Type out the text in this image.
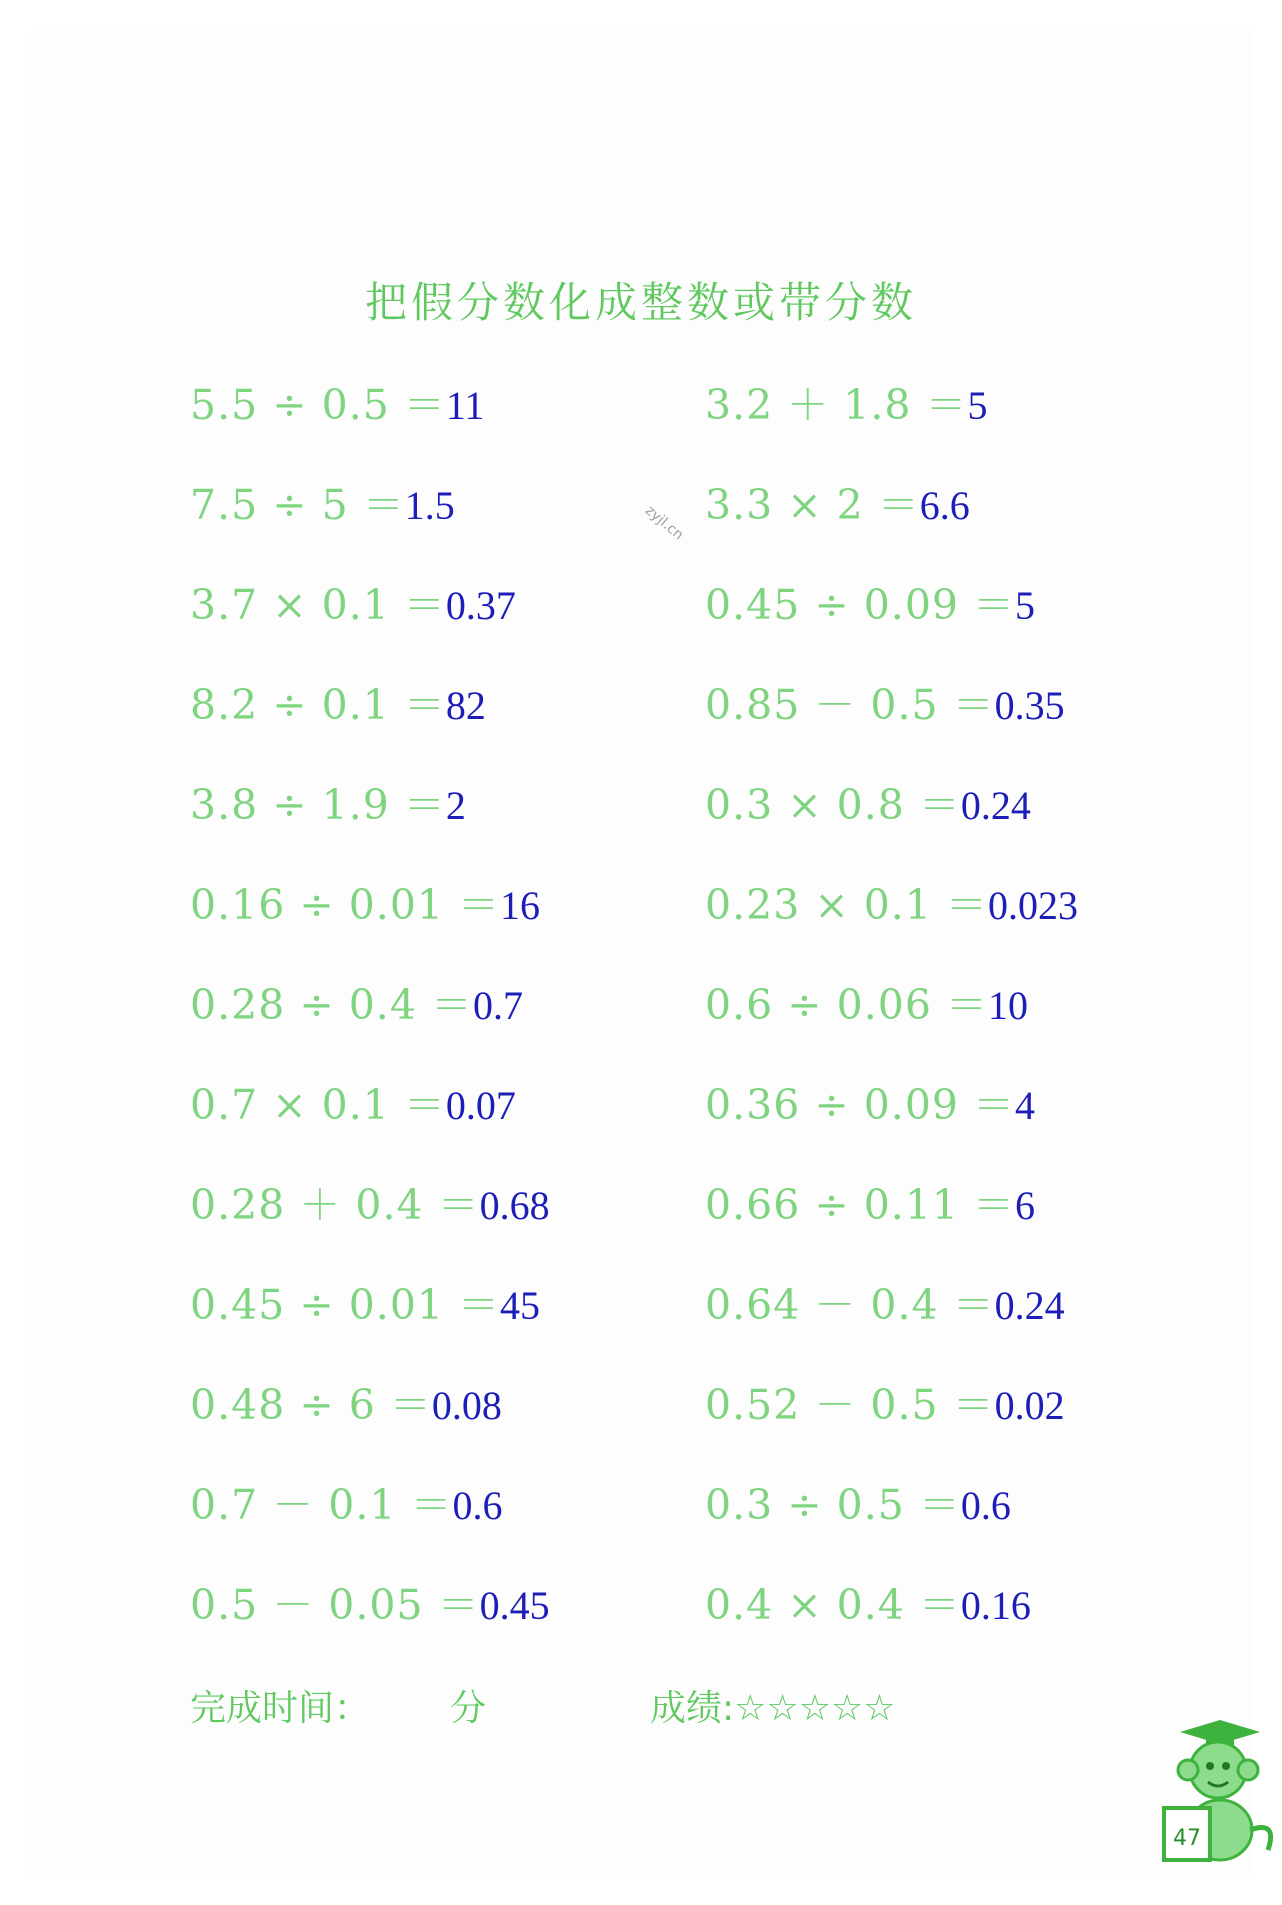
把假分数化成整数或带分数
zyjl.cn
5.5 ÷ 0.5 ＝11
7.5 ÷ 5 ＝1.5
3.7 × 0.1 ＝0.37
8.2 ÷ 0.1 ＝82
3.8 ÷ 1.9 ＝2
0.16 ÷ 0.01 ＝16
0.28 ÷ 0.4 ＝0.7
0.7 × 0.1 ＝0.07
0.28 ＋ 0.4 ＝0.68
0.45 ÷ 0.01 ＝45
0.48 ÷ 6 ＝0.08
0.7 － 0.1 ＝0.6
0.5 － 0.05 ＝0.45
3.2 ＋ 1.8 ＝5
3.3 × 2 ＝6.6
0.45 ÷ 0.09 ＝5
0.85 － 0.5 ＝0.35
0.3 × 0.8 ＝0.24
0.23 × 0.1 ＝0.023
0.6 ÷ 0.06 ＝10
0.36 ÷ 0.09 ＝4
0.66 ÷ 0.11 ＝6
0.64 － 0.4 ＝0.24
0.52 － 0.5 ＝0.02
0.3 ÷ 0.5 ＝0.6
0.4 × 0.4 ＝0.16
完成时间： 分	成绩:☆☆☆☆☆
47
